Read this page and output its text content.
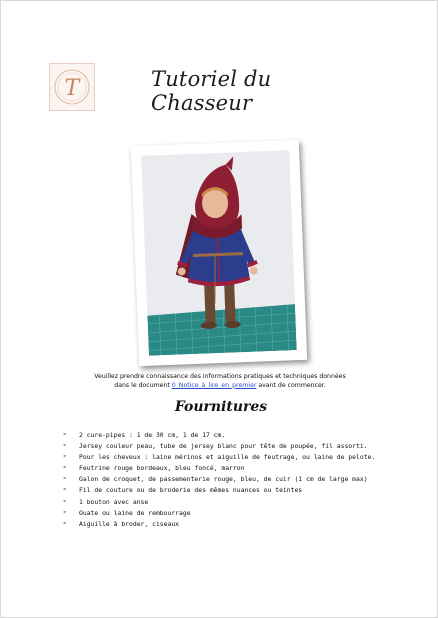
T	Tutoriel du Chasseur
Veuillez prendre connaissance des informations pratiques et techniques données
dans le document 0_Notice_à_lire_en_premier avant de commencer.
Fournitures
➢	2 cure-pipes : 1 de 30 cm, 1 de 17 cm.
➢	Jersey couleur peau, tube de jersey blanc pour tête de poupée, fil assorti.
➢	Pour les cheveux : laine mérinos et aiguille de feutrage, ou laine de pelote.
➢	Feutrine rouge bordeaux, bleu foncé, marron
➢	Galon de croquet, de passementerie rouge, bleu, de cuir (1 cm de large max)
➢	Fil de couture ou de broderie des mêmes nuances ou teintes
➢	1 bouton avec anse
➢	Ouate ou laine de rembourrage
➢	Aiguille à broder, ciseaux
